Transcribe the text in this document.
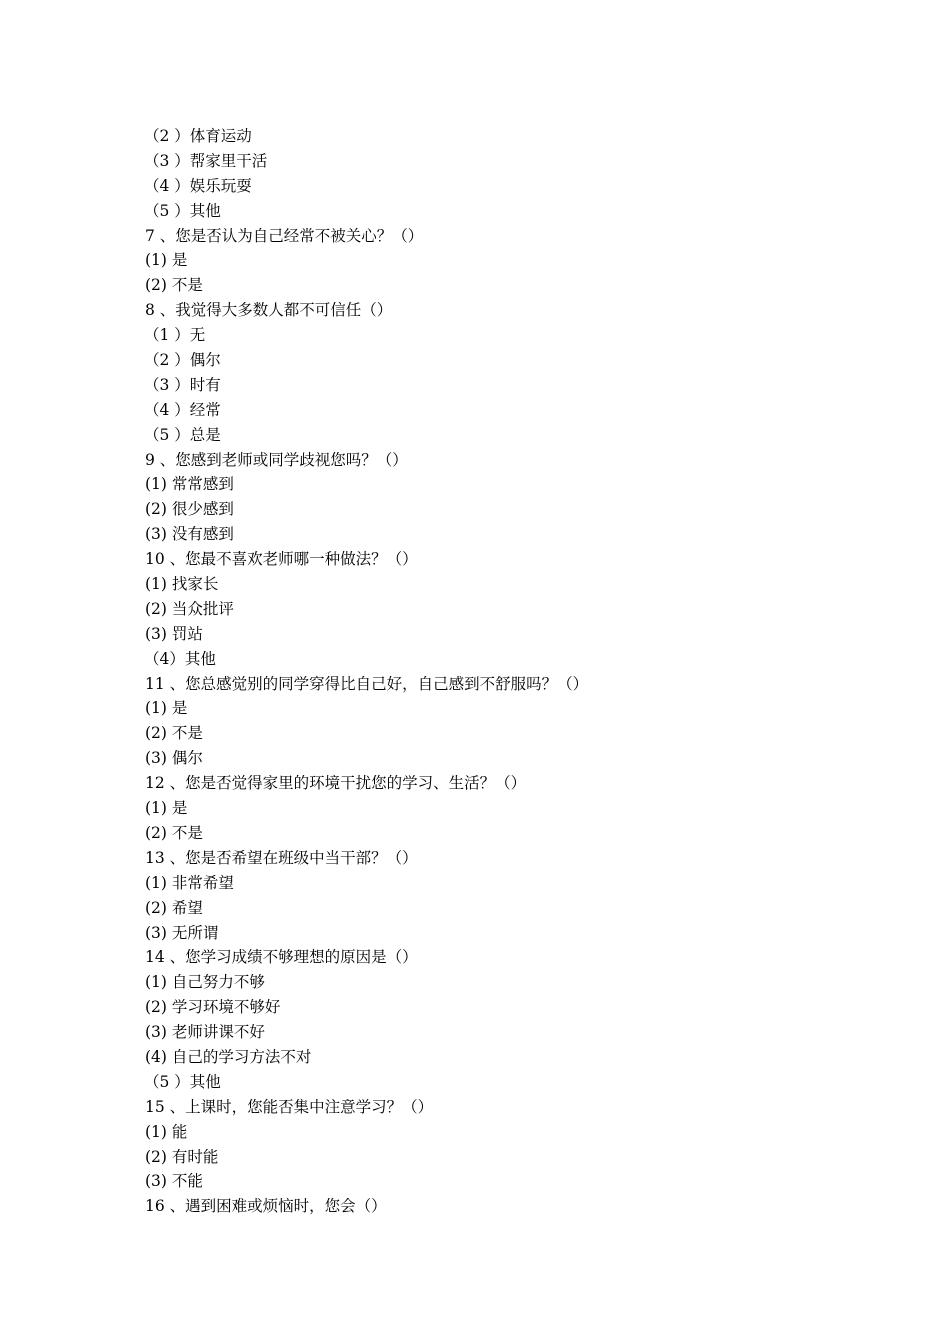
（2 ）体育运动
（3 ）帮家里干活
（4 ）娱乐玩耍
（5 ）其他
7 、您是否认为自己经常不被关心？（）
(1) 是
(2) 不是
8 、我觉得大多数人都不可信任（）
（1 ）无
（2 ）偶尔
（3 ）时有
（4 ）经常
（5 ）总是
9 、您感到老师或同学歧视您吗？（）
(1) 常常感到
(2) 很少感到
(3) 没有感到
10 、您最不喜欢老师哪一种做法？（）
(1) 找家长
(2) 当众批评
(3) 罚站
（4）其他
11 、您总感觉别的同学穿得比自己好，自己感到不舒服吗？（）
(1) 是
(2) 不是
(3) 偶尔
12 、您是否觉得家里的环境干扰您的学习、生活？（）
(1) 是
(2) 不是
13 、您是否希望在班级中当干部？（）
(1) 非常希望
(2) 希望
(3) 无所谓
14 、您学习成绩不够理想的原因是（）
(1) 自己努力不够
(2) 学习环境不够好
(3) 老师讲课不好
(4) 自己的学习方法不对
（5 ）其他
15 、上课时，您能否集中注意学习？（）
(1) 能
(2) 有时能
(3) 不能
16 、遇到困难或烦恼时，您会（）
